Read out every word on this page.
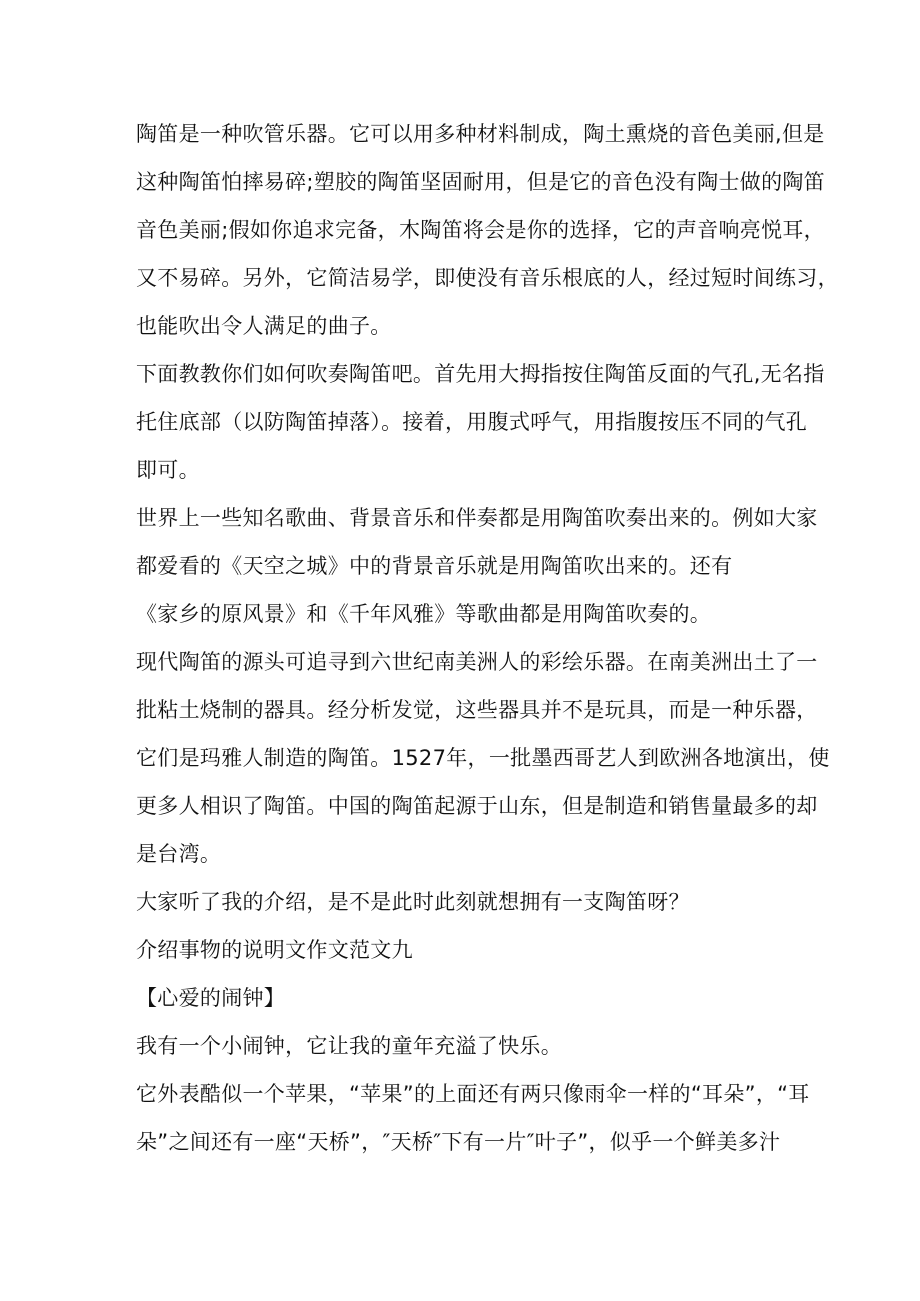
陶笛是一种吹管乐器。它可以用多种材料制成，陶土熏烧的音色美丽,但是
这种陶笛怕摔易碎;塑胶的陶笛坚固耐用，但是它的音色没有陶士做的陶笛
音色美丽;假如你追求完备，木陶笛将会是你的选择，它的声音响亮悦耳，
又不易碎。另外，它简洁易学，即使没有音乐根底的人，经过短时间练习，
也能吹出令人满足的曲子。
下面教教你们如何吹奏陶笛吧。首先用大拇指按住陶笛反面的气孔,无名指
托住底部（以防陶笛掉落）。接着，用腹式呼气，用指腹按压不同的气孔
即可。
世界上一些知名歌曲、背景音乐和伴奏都是用陶笛吹奏出来的。例如大家
都爱看的《天空之城》中的背景音乐就是用陶笛吹出来的。还有
《家乡的原风景》和《千年风雅》等歌曲都是用陶笛吹奏的。
现代陶笛的源头可追寻到六世纪南美洲人的彩绘乐器。在南美洲出土了一
批粘土烧制的器具。经分析发觉，这些器具并不是玩具，而是一种乐器，
它们是玛雅人制造的陶笛。1527年，一批墨西哥艺人到欧洲各地演出，使
更多人相识了陶笛。中国的陶笛起源于山东，但是制造和销售量最多的却
是台湾。
大家听了我的介绍，是不是此时此刻就想拥有一支陶笛呀？
介绍事物的说明文作文范文九
【心爱的闹钟】
我有一个小闹钟，它让我的童年充溢了快乐。
它外表酷似一个苹果，“苹果”的上面还有两只像雨伞一样的“耳朵”，“耳
朵”之间还有一座“天桥”，″天桥″下有一片″叶子”，似乎一个鲜美多汁
